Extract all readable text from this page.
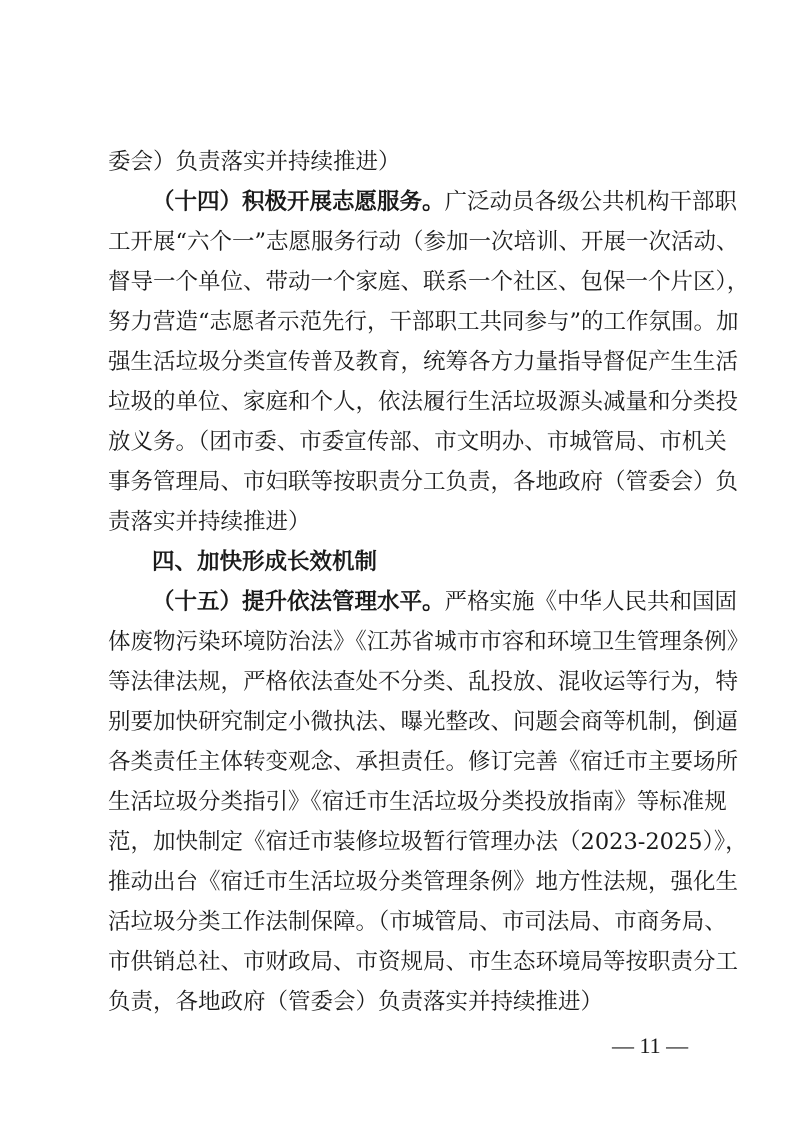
委会）负责落实并持续推进）
（十四）积极开展志愿服务。广泛动员各级公共机构干部职
工开展“六个一”志愿服务行动（参加一次培训、开展一次活动、
督导一个单位、带动一个家庭、联系一个社区、包保一个片区），
努力营造“志愿者示范先行，干部职工共同参与”的工作氛围。加
强生活垃圾分类宣传普及教育，统筹各方力量指导督促产生生活
垃圾的单位、家庭和个人，依法履行生活垃圾源头减量和分类投
放义务。（团市委、市委宣传部、市文明办、市城管局、市机关
事务管理局、市妇联等按职责分工负责，各地政府（管委会）负
责落实并持续推进）
四、加快形成长效机制
（十五）提升依法管理水平。严格实施《中华人民共和国固
体废物污染环境防治法》《江苏省城市市容和环境卫生管理条例》
等法律法规，严格依法查处不分类、乱投放、混收运等行为，特
别要加快研究制定小微执法、曝光整改、问题会商等机制，倒逼
各类责任主体转变观念、承担责任。修订完善《宿迁市主要场所
生活垃圾分类指引》《宿迁市生活垃圾分类投放指南》等标准规
范，加快制定《宿迁市装修垃圾暂行管理办法（2023-2025）》，
推动出台《宿迁市生活垃圾分类管理条例》地方性法规，强化生
活垃圾分类工作法制保障。（市城管局、市司法局、市商务局、
市供销总社、市财政局、市资规局、市生态环境局等按职责分工
负责，各地政府（管委会）负责落实并持续推进）
— 11 —
